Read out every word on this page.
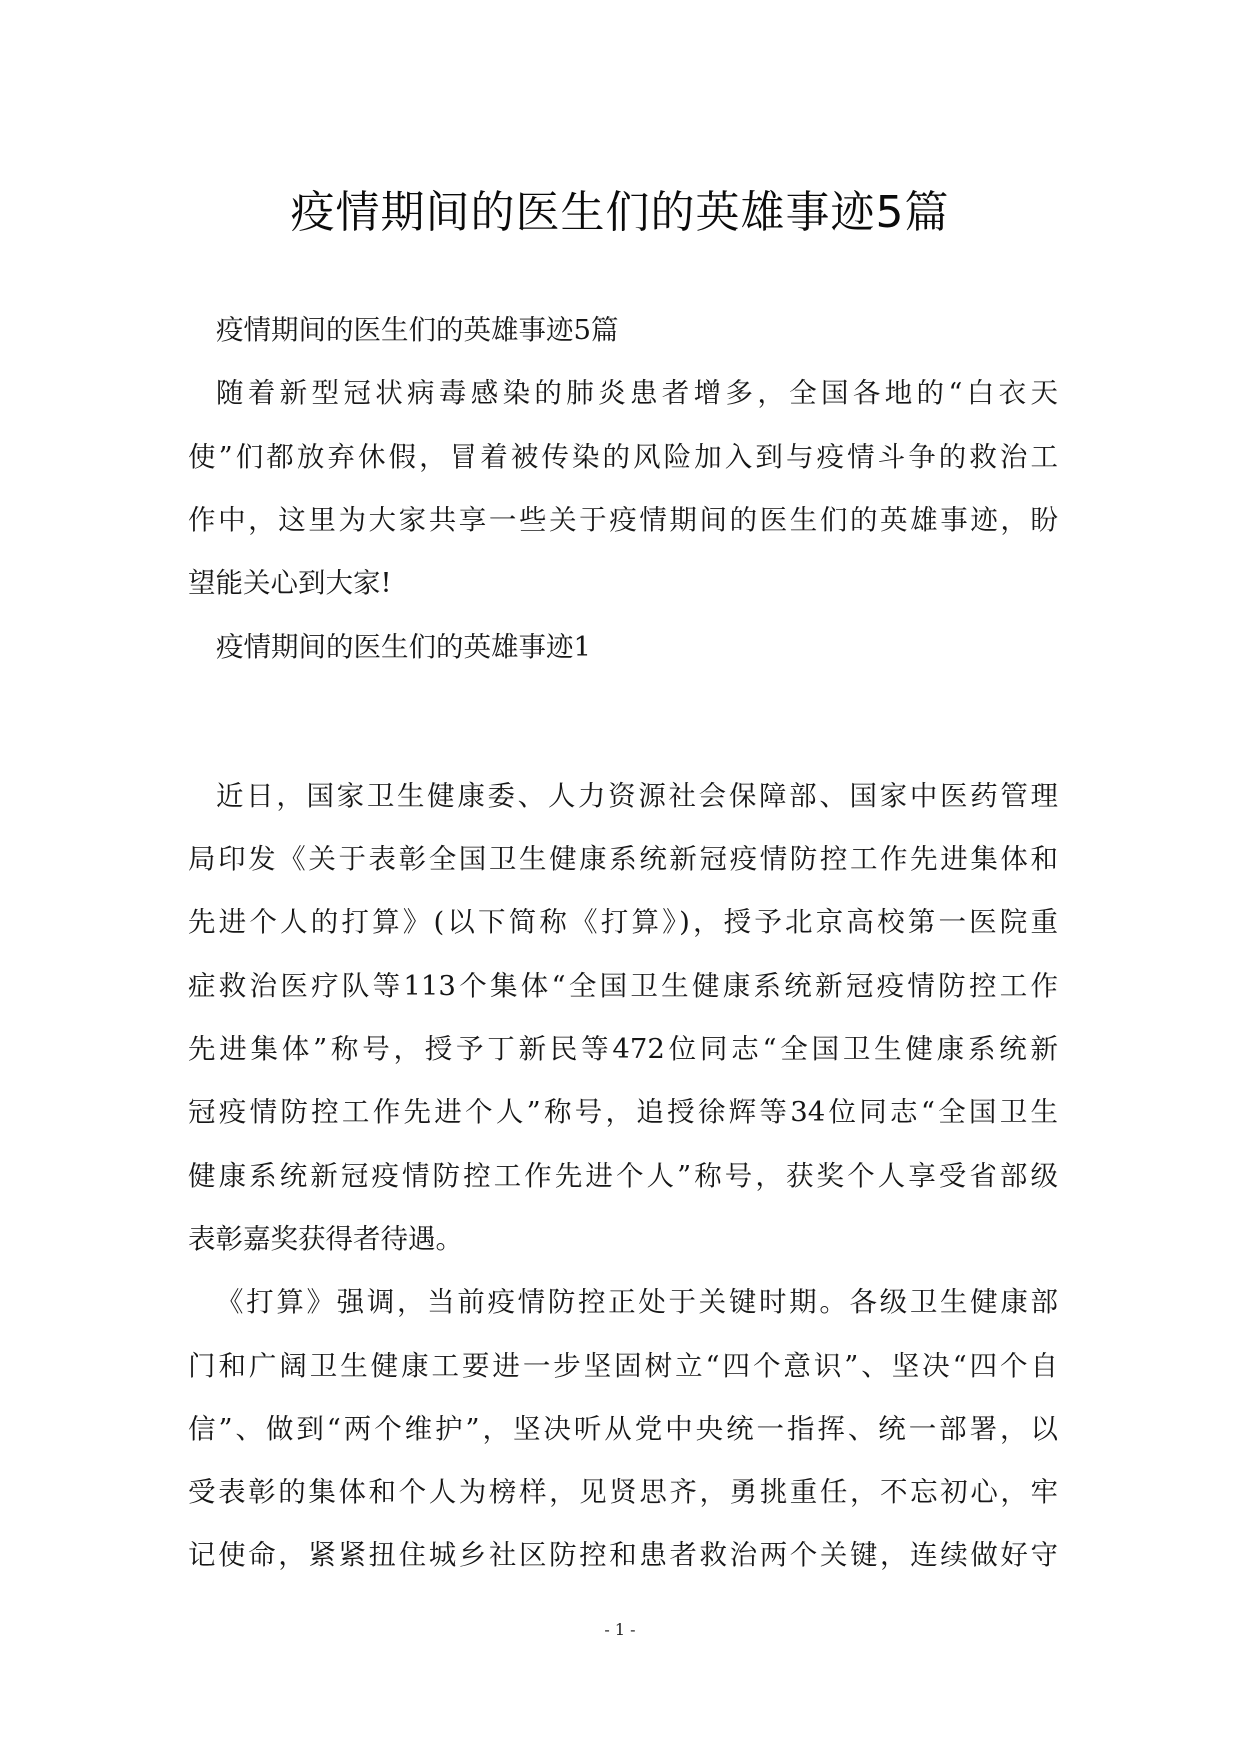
疫情期间的医生们的英雄事迹5篇
疫情期间的医生们的英雄事迹5篇
随着新型冠状病毒感染的肺炎患者增多，全国各地的“白衣天
使”们都放弃休假，冒着被传染的风险加入到与疫情斗争的救治工
作中，这里为大家共享一些关于疫情期间的医生们的英雄事迹，盼
望能关心到大家!
疫情期间的医生们的英雄事迹1
近日，国家卫生健康委、人力资源社会保障部、国家中医药管理
局印发《关于表彰全国卫生健康系统新冠疫情防控工作先进集体和
先进个人的打算》(以下简称《打算》)，授予北京高校第一医院重
症救治医疗队等113个集体“全国卫生健康系统新冠疫情防控工作
先进集体”称号，授予丁新民等472位同志“全国卫生健康系统新
冠疫情防控工作先进个人”称号，追授徐辉等34位同志“全国卫生
健康系统新冠疫情防控工作先进个人”称号，获奖个人享受省部级
表彰嘉奖获得者待遇。
《打算》强调，当前疫情防控正处于关键时期。各级卫生健康部
门和广阔卫生健康工要进一步坚固树立“四个意识”、坚决“四个自
信”、做到“两个维护”，坚决听从党中央统一指挥、统一部署，以
受表彰的集体和个人为榜样，见贤思齐，勇挑重任，不忘初心，牢
记使命，紧紧扭住城乡社区防控和患者救治两个关键，连续做好守
- 1 -
